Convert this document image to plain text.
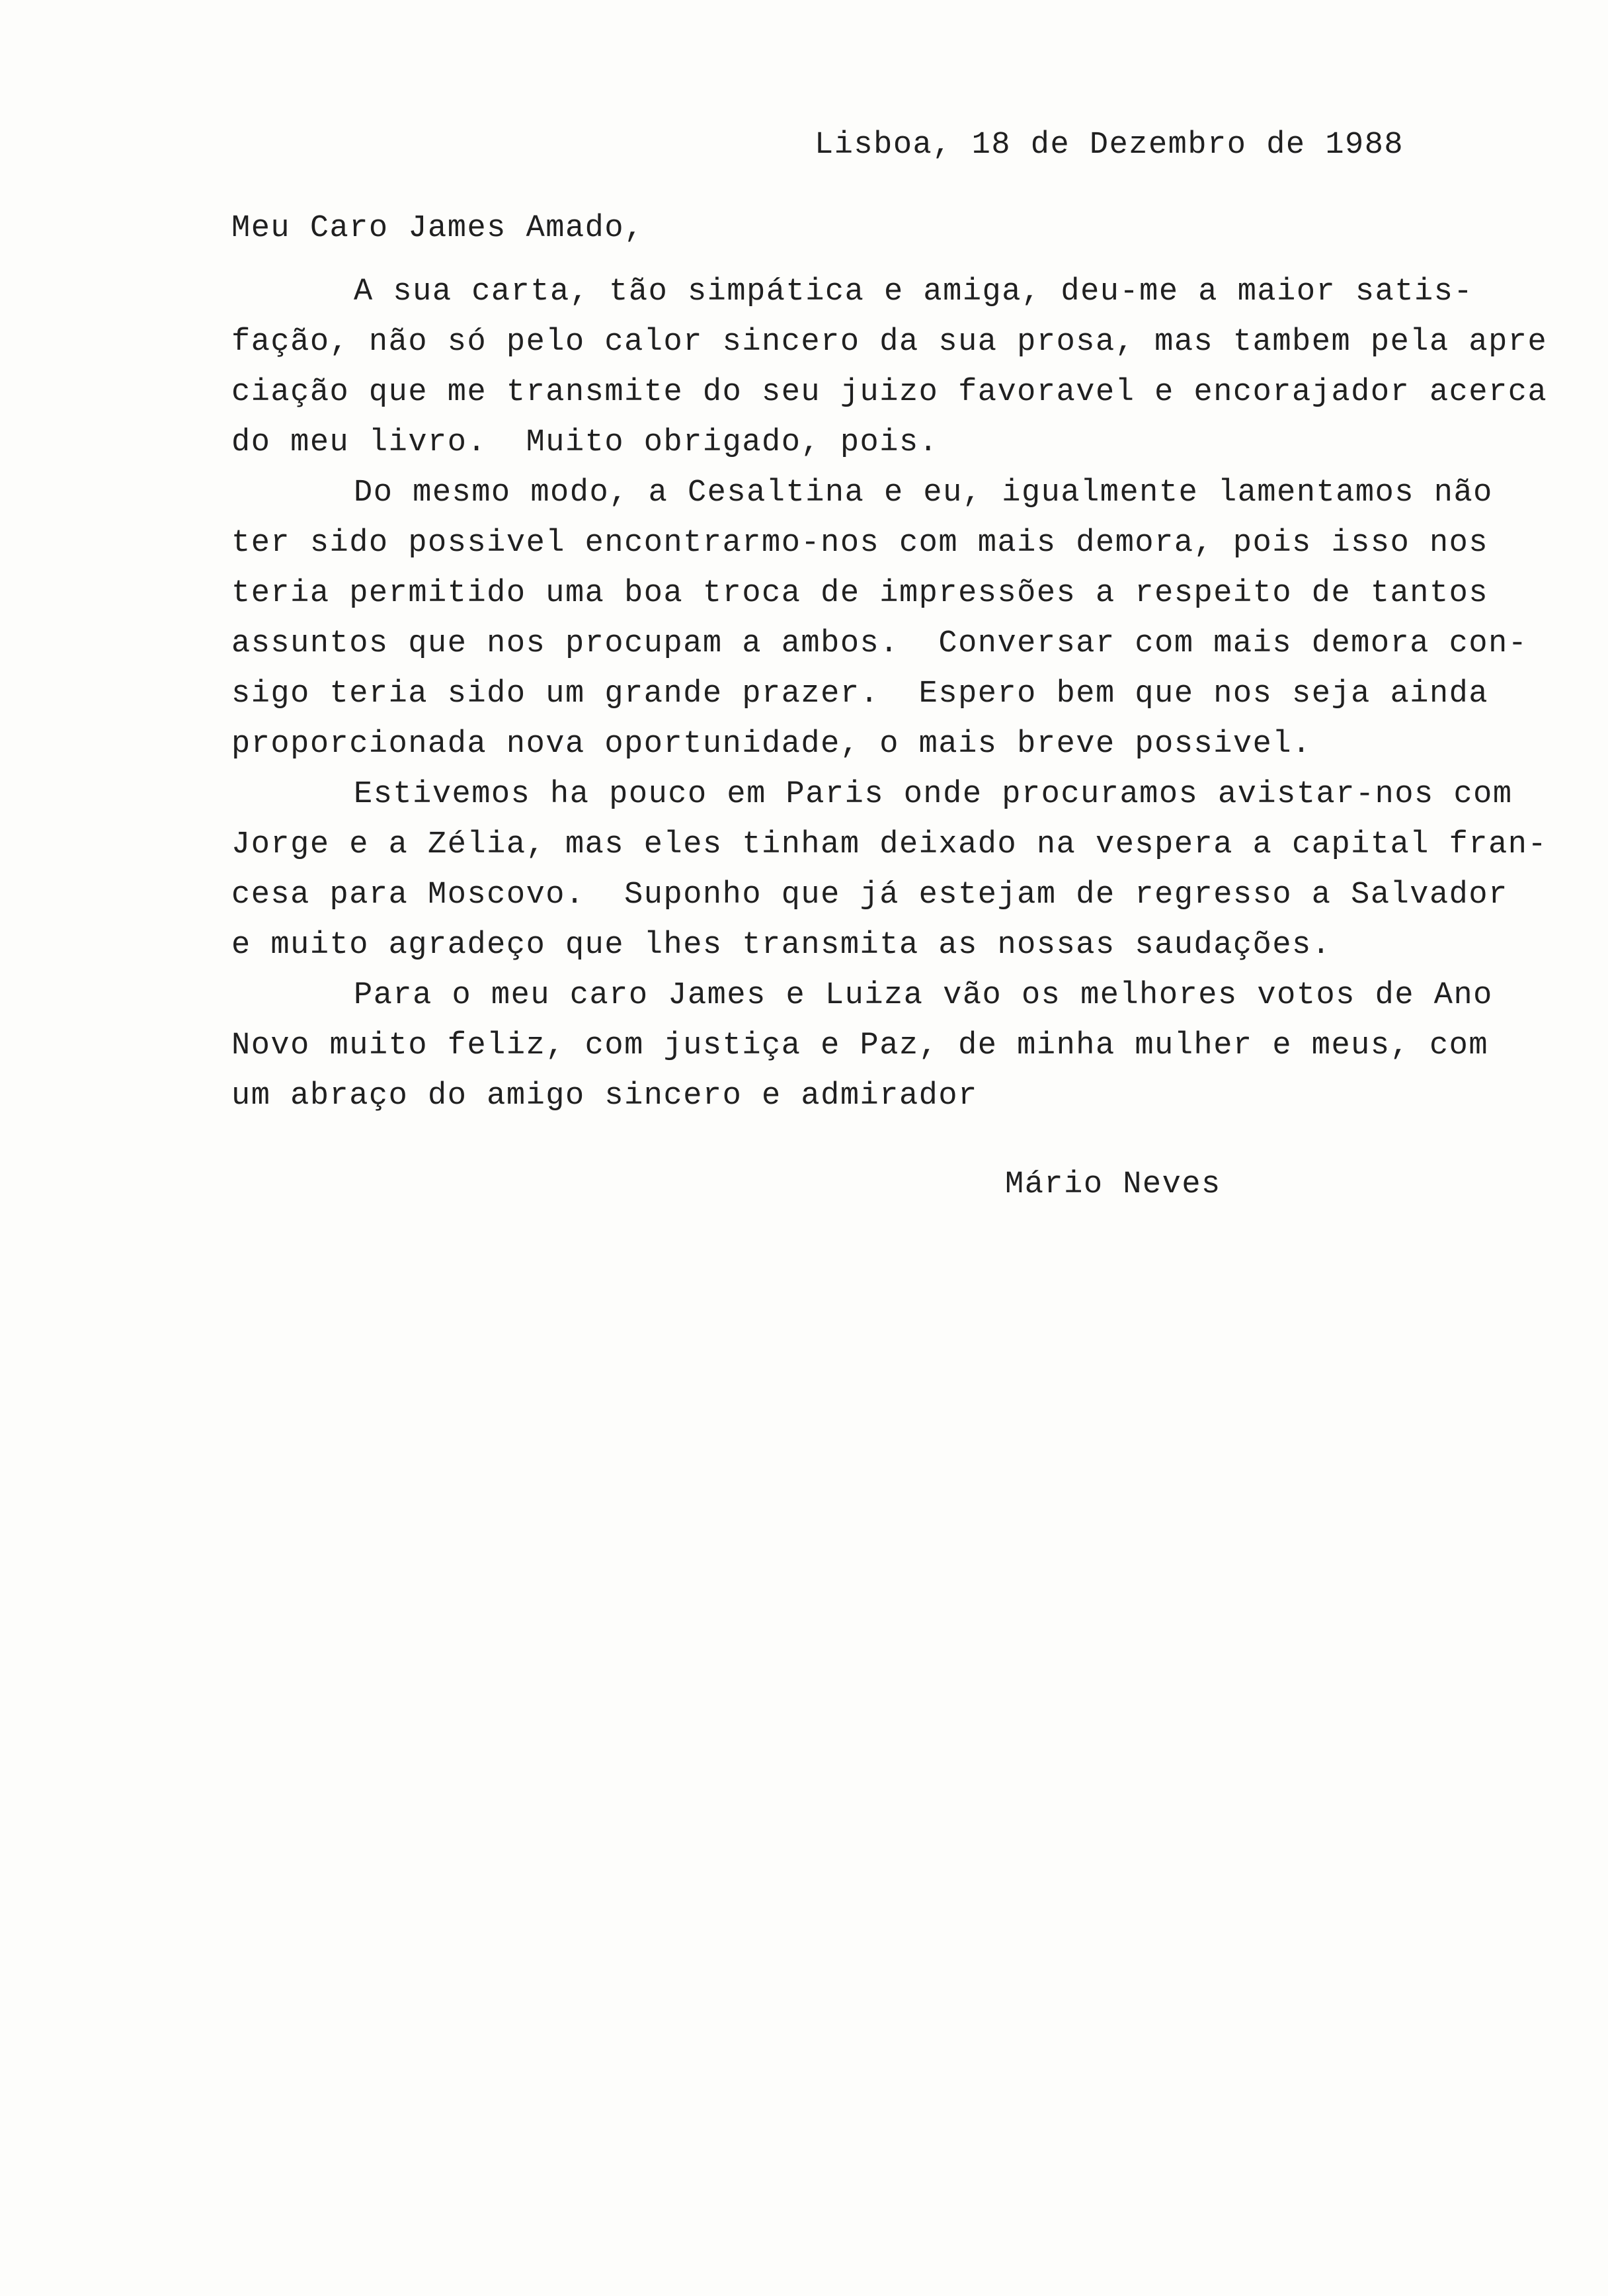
Lisboa, 18 de Dezembro de 1988
Meu Caro James Amado,
A sua carta, tão simpática e amiga, deu-me a maior satis-
fação, não só pelo calor sincero da sua prosa, mas tambem pela apre
ciação que me transmite do seu juizo favoravel e encorajador acerca
do meu livro.  Muito obrigado, pois.
Do mesmo modo, a Cesaltina e eu, igualmente lamentamos não
ter sido possivel encontrarmo-nos com mais demora, pois isso nos
teria permitido uma boa troca de impressões a respeito de tantos
assuntos que nos procupam a ambos.  Conversar com mais demora con-
sigo teria sido um grande prazer.  Espero bem que nos seja ainda
proporcionada nova oportunidade, o mais breve possivel.
Estivemos ha pouco em Paris onde procuramos avistar-nos com
Jorge e a Zélia, mas eles tinham deixado na vespera a capital fran-
cesa para Moscovo.  Suponho que já estejam de regresso a Salvador
e muito agradeço que lhes transmita as nossas saudações.
Para o meu caro James e Luiza vão os melhores votos de Ano
Novo muito feliz, com justiça e Paz, de minha mulher e meus, com
um abraço do amigo sincero e admirador
Mário Neves
